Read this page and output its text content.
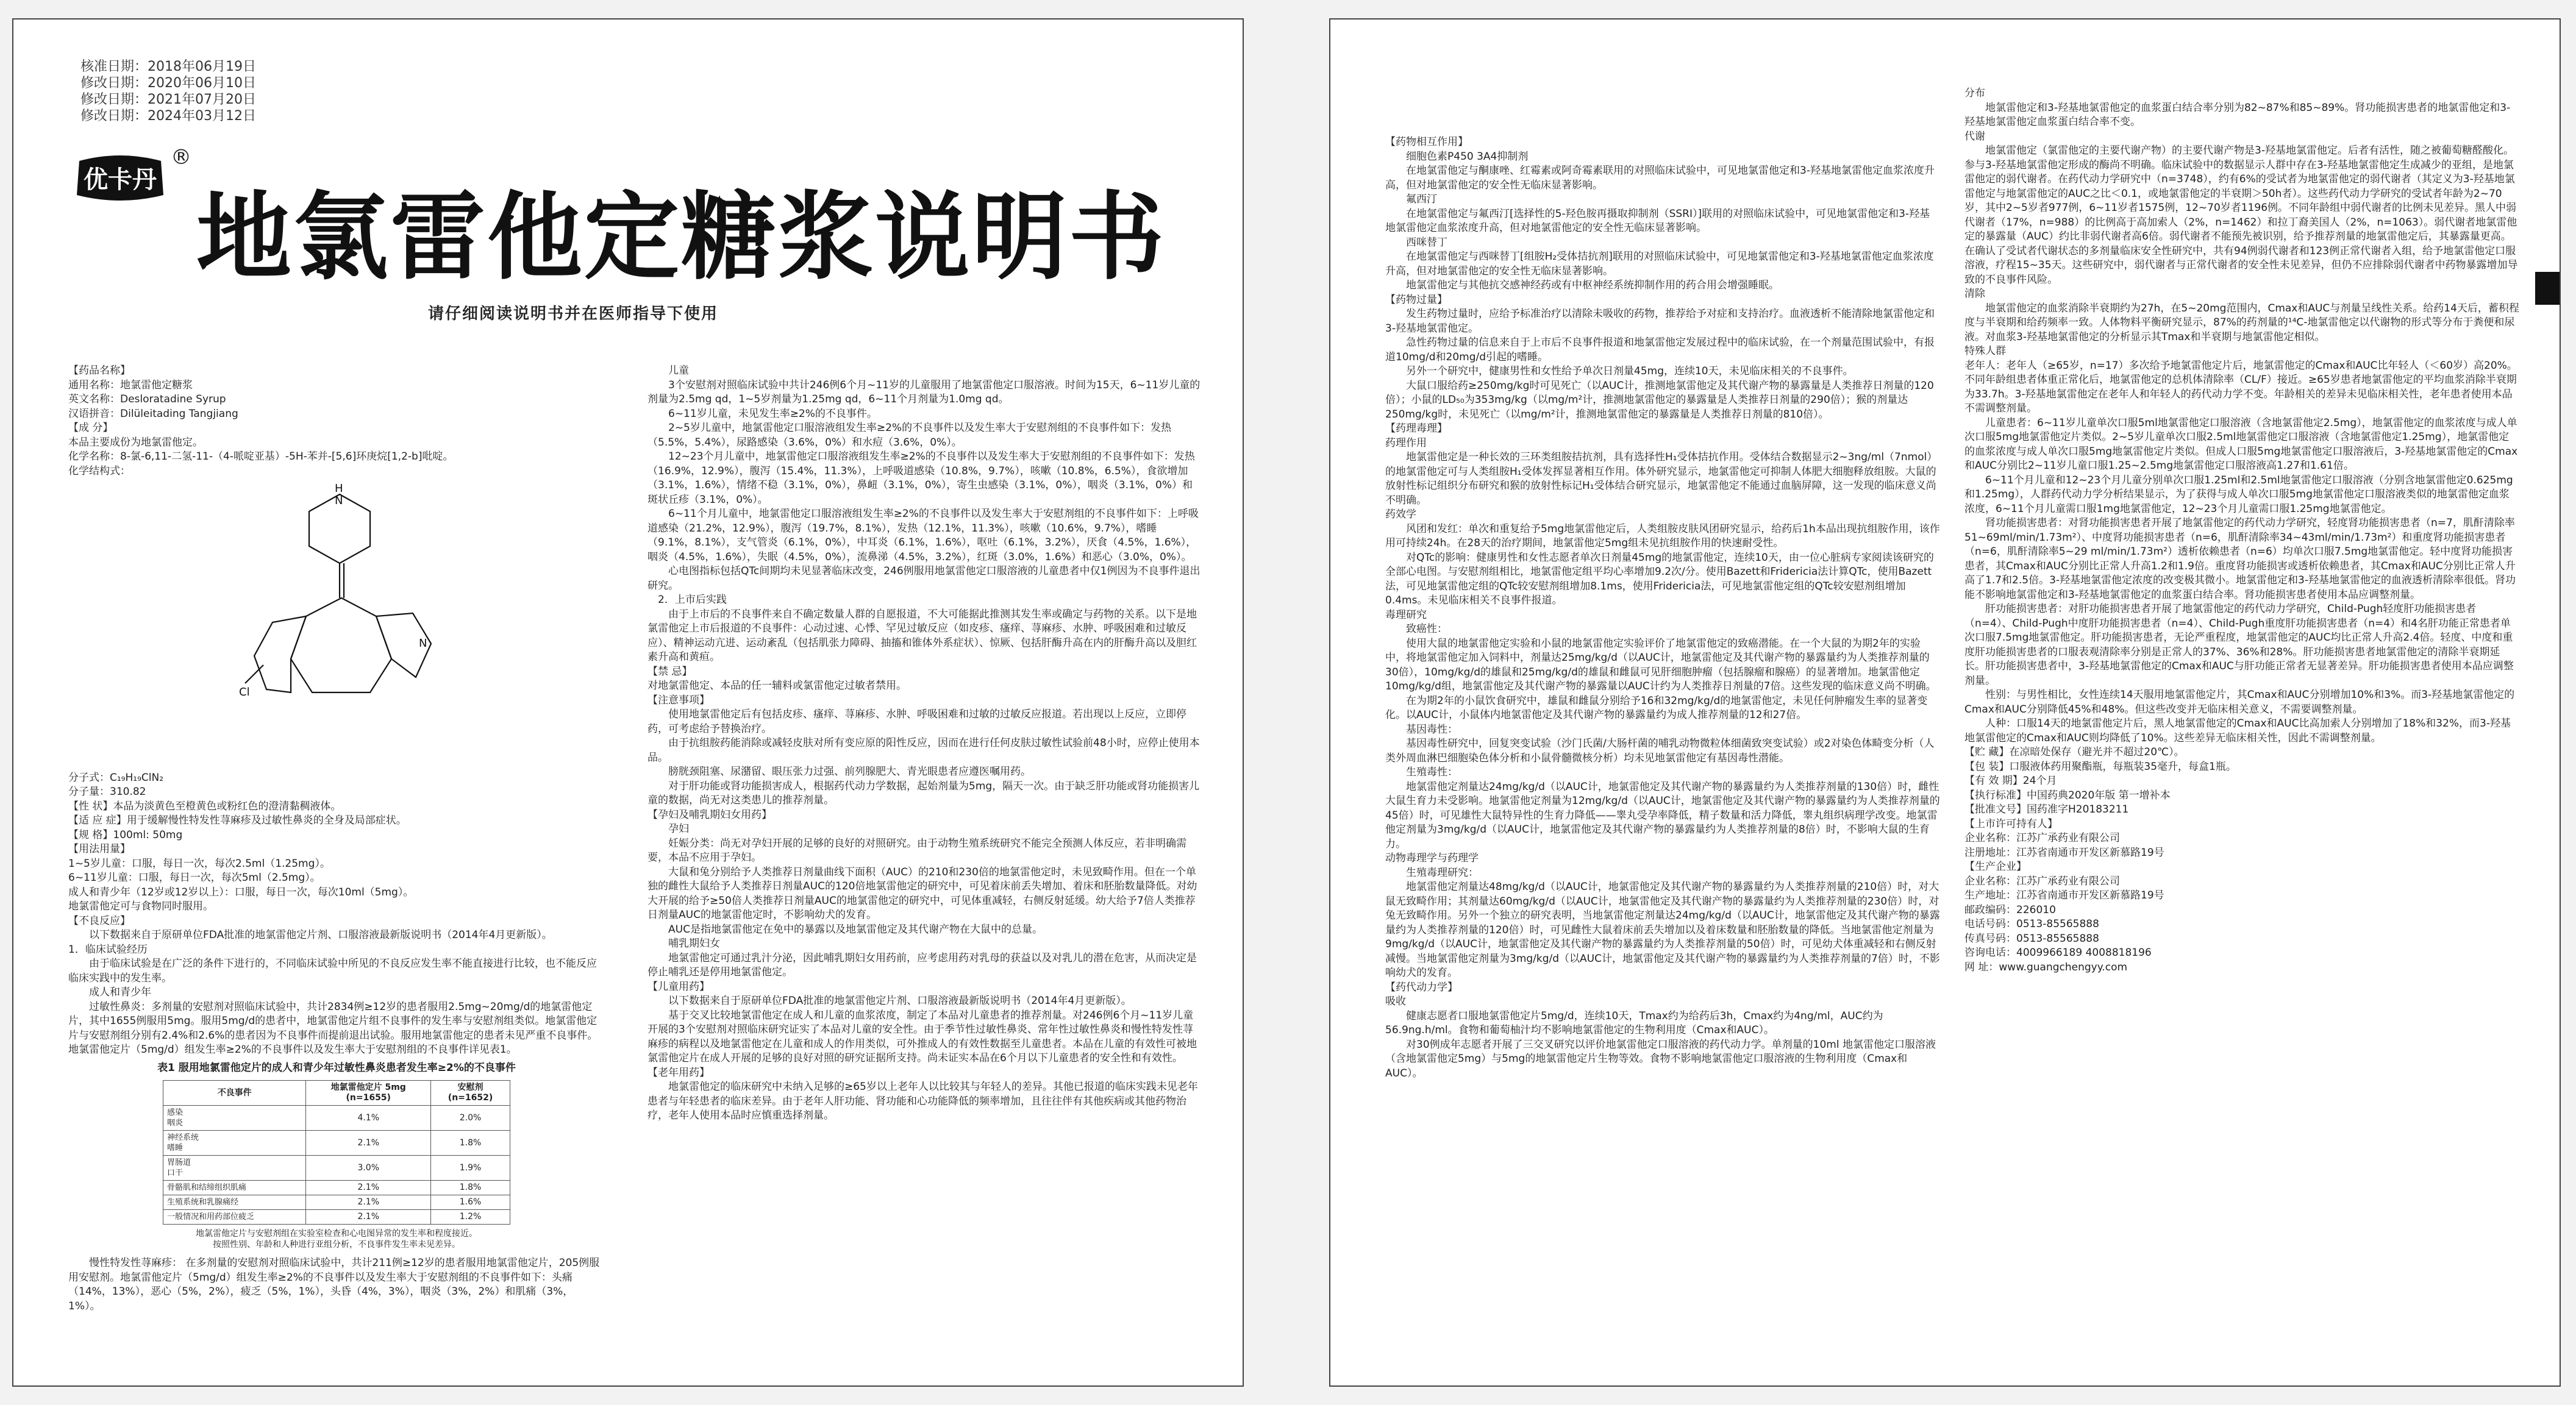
核准日期：2018年06月19日
修改日期：2020年06月10日
修改日期：2021年07月20日
修改日期：2024年03月12日
优卡丹
®
地氯雷他定糖浆说明书
请仔细阅读说明书并在医师指导下使用

【药品名称】

通用名称：地氯雷他定糖浆

英文名称：Desloratadine Syrup

汉语拼音：Dilüleitading Tangjiang

【成 分】

本品主要成份为地氯雷他定。

化学名称：8-氯-6,11-二氢-11-（4-哌啶亚基）-5H-苯并-[5,6]环庚烷[1,2-b]吡啶。

化学结构式：

H
N
N
Cl

分子式：C₁₉H₁₉ClN₂

分子量：310.82

【性 状】本品为淡黄色至橙黄色或粉红色的澄清黏稠液体。

【适 应 症】用于缓解慢性特发性荨麻疹及过敏性鼻炎的全身及局部症状。

【规 格】100ml: 50mg

【用法用量】

1~5岁儿童：口服，每日一次，每次2.5ml（1.25mg）。

6~11岁儿童：口服，每日一次，每次5ml（2.5mg）。

成人和青少年（12岁或12岁以上）：口服，每日一次，每次10ml（5mg）。

地氯雷他定可与食物同时服用。

【不良反应】

以下数据来自于原研单位FDA批准的地氯雷他定片剂、口服溶液最新版说明书（2014年4月更新版）。

1．临床试验经历

由于临床试验是在广泛的条件下进行的，不同临床试验中所见的不良反应发生率不能直接进行比较，也不能反应临床实践中的发生率。

成人和青少年

过敏性鼻炎：多剂量的安慰剂对照临床试验中，共计2834例≥12岁的患者服用2.5mg~20mg/d的地氯雷他定片，其中1655例服用5mg。服用5mg/d的患者中，地氯雷他定片组不良事件的发生率与安慰剂组类似。地氯雷他定片与安慰剂组分别有2.4%和2.6%的患者因为不良事件而提前退出试验。服用地氯雷他定的患者未见严重不良事件。地氯雷他定片（5mg/d）组发生率≥2%的不良事件以及发生率大于安慰剂组的不良事件详见表1。

表1 服用地氯雷他定片的成人和青少年过敏性鼻炎患者发生率≥2%的不良事件
不良事件	地氯雷他定片 5mg
(n=1655)	安慰剂
(n=1652)
感染
咽炎	4.1%	2.0%
神经系统
嗜睡	2.1%	1.8%
胃肠道
口干	3.0%	1.9%
骨骼肌和结缔组织肌痛	2.1%	1.8%
生殖系统和乳腺痛经	2.1%	1.6%
一般情况和用药部位疲乏	2.1%	1.2%
地氯雷他定片与安慰剂组在实验室检查和心电图异常的发生率和程度接近。
按照性别、年龄和人种进行亚组分析，不良事件发生率未见差异。

慢性特发性荨麻疹： 在多剂量的安慰剂对照临床试验中，共计211例≥12岁的患者服用地氯雷他定片，205例服用安慰剂。地氯雷他定片（5mg/d）组发生率≥2%的不良事件以及发生率大于安慰剂组的不良事件如下：头痛（14%，13%），恶心（5%，2%），疲乏（5%，1%），头昏（4%，3%），咽炎（3%，2%）和肌痛（3%，1%）。

儿童

3个安慰剂对照临床试验中共计246例6个月~11岁的儿童服用了地氯雷他定口服溶液。时间为15天，6~11岁儿童的剂量为2.5mg qd，1~5岁剂量为1.25mg qd，6~11个月剂量为1.0mg qd。

6~11岁儿童，未见发生率≥2%的不良事件。

2~5岁儿童中，地氯雷他定口服溶液组发生率≥2%的不良事件以及发生率大于安慰剂组的不良事件如下：发热（5.5%，5.4%），尿路感染（3.6%，0%）和水痘（3.6%，0%）。

12~23个月儿童中，地氯雷他定口服溶液组发生率≥2%的不良事件以及发生率大于安慰剂组的不良事件如下：发热（16.9%，12.9%），腹泻（15.4%，11.3%），上呼吸道感染（10.8%，9.7%），咳嗽（10.8%，6.5%），食欲增加（3.1%，1.6%），情绪不稳（3.1%，0%），鼻衄（3.1%，0%），寄生虫感染（3.1%，0%），咽炎（3.1%，0%）和斑状丘疹（3.1%，0%）。

6~11个月儿童中，地氯雷他定口服溶液组发生率≥2%的不良事件以及发生率大于安慰剂组的不良事件如下：上呼吸道感染（21.2%，12.9%），腹泻（19.7%，8.1%），发热（12.1%，11.3%），咳嗽（10.6%，9.7%），嗜睡（9.1%，8.1%），支气管炎（6.1%，0%），中耳炎（6.1%，1.6%），呕吐（6.1%，3.2%），厌食（4.5%，1.6%），咽炎（4.5%，1.6%），失眠（4.5%，0%），流鼻涕（4.5%，3.2%），红斑（3.0%，1.6%）和恶心（3.0%，0%）。

心电图指标包括QTc间期均未见显著临床改变，246例服用地氯雷他定口服溶液的儿童患者中仅1例因为不良事件退出研究。

2．上市后实践

由于上市后的不良事件来自不确定数量人群的自愿报道，不大可能据此推测其发生率或确定与药物的关系。以下是地氯雷他定上市后报道的不良事件：心动过速、心悸、罕见过敏反应（如皮疹、瘙痒、荨麻疹、水肿、呼吸困难和过敏反应）、精神运动亢进、运动紊乱（包括肌张力障碍、抽搐和锥体外系症状）、惊厥、包括肝酶升高在内的肝酶升高以及胆红素升高和黄疸。

【禁 忌】

对地氯雷他定、本品的任一辅料或氯雷他定过敏者禁用。

【注意事项】

使用地氯雷他定后有包括皮疹、瘙痒、荨麻疹、水肿、呼吸困难和过敏的过敏反应报道。若出现以上反应，立即停药，可考虑给予替换治疗。

由于抗组胺药能消除或减轻皮肤对所有变应原的阳性反应，因而在进行任何皮肤过敏性试验前48小时，应停止使用本品。

膀胱颈阻塞、尿潴留、眼压张力过强、前列腺肥大、青光眼患者应遵医嘱用药。

对于肝功能或肾功能损害成人，根据药代动力学数据，起始剂量为5mg，隔天一次。由于缺乏肝功能或肾功能损害儿童的数据，尚无对这类患儿的推荐剂量。

【孕妇及哺乳期妇女用药】

孕妇

妊娠分类：尚无对孕妇开展的足够的良好的对照研究。由于动物生殖系统研究不能完全预测人体反应，若非明确需要，本品不应用于孕妇。

大鼠和兔分别给予人类推荐日剂量曲线下面积（AUC）的210和230倍的地氯雷他定时，未见致畸作用。但在一个单独的雌性大鼠给予人类推荐日剂量AUC的120倍地氯雷他定的研究中，可见着床前丢失增加、着床和胚胎数量降低。对幼大开展的给予≥50倍人类推荐日剂量AUC的地氯雷他定的研究中，可见体重减轻，右侧反射延缓。幼大给予7倍人类推荐日剂量AUC的地氯雷他定时，不影响幼犬的发育。

AUC是指地氯雷他定在免中的暴露以及地氯雷他定及其代谢产物在大鼠中的总量。

哺乳期妇女

地氯雷他定可通过乳汁分泌，因此哺乳期妇女用药前，应考虑用药对乳母的获益以及对乳儿的潜在危害，从而决定是停止哺乳还是停用地氯雷他定。

【儿童用药】

以下数据来自于原研单位FDA批准的地氯雷他定片剂、口服溶液最新版说明书（2014年4月更新版）。

基于交叉比较地氯雷他定在成人和儿童的血浆浓度，制定了本品对儿童患者的推荐剂量。对246例6个月~11岁儿童开展的3个安慰剂对照临床研究证实了本品对儿童的安全性。由于季节性过敏性鼻炎、常年性过敏性鼻炎和慢性特发性荨麻疹的病程以及地氯雷他定在儿童和成人的作用类似，可外推成人的有效性数据至儿童患者。本品在儿童的有效性可被地氯雷他定片在成人开展的足够的良好对照的研究证据所支持。尚未证实本品在6个月以下儿童患者的安全性和有效性。

【老年用药】

地氯雷他定的临床研究中未纳入足够的≥65岁以上老年人以比较其与年轻人的差异。其他已报道的临床实践未见老年患者与年轻患者的临床差异。由于老年人肝功能、肾功能和心功能降低的频率增加，且往往伴有其他疾病或其他药物治疗，老年人使用本品时应慎重选择剂量。

【药物相互作用】

细胞色素P450 3A4抑制剂

在地氯雷他定与酮康唑、红霉素或阿奇霉素联用的对照临床试验中，可见地氯雷他定和3-羟基地氯雷他定血浆浓度升高，但对地氯雷他定的安全性无临床显著影响。

氟西汀

在地氯雷他定与氟西汀[选择性的5-羟色胺再摄取抑制剂（SSRI）]联用的对照临床试验中，可见地氯雷他定和3-羟基地氯雷他定血浆浓度升高，但对地氯雷他定的安全性无临床显著影响。

西咪替丁

在地氯雷他定与西咪替丁[组胺H₂受体拮抗剂]联用的对照临床试验中，可见地氯雷他定和3-羟基地氯雷他定血浆浓度升高，但对地氯雷他定的安全性无临床显著影响。

地氯雷他定与其他抗交感神经药或有中枢神经系统抑制作用的药合用会增强睡眠。

【药物过量】

发生药物过量时，应给予标准治疗以清除未吸收的药物，推荐给予对症和支持治疗。血液透析不能清除地氯雷他定和3-羟基地氯雷他定。

急性药物过量的信息来自于上市后不良事件报道和地氯雷他定发展过程中的临床试验，在一个剂量范围试验中，有报道10mg/d和20mg/d引起的嗜睡。

另外一个研究中，健康男性和女性给予单次日剂量45mg，连续10天，未见临床相关的不良事件。

大鼠口服给药≥250mg/kg时可见死亡（以AUC计，推测地氯雷他定及其代谢产物的暴露量是人类推荐日剂量的120倍）；小鼠的LD₅₀为353mg/kg（以mg/m²计，推测地氯雷他定的暴露量是人类推荐日剂量的290倍）；猴的剂量达250mg/kg时，未见死亡（以mg/m²计，推测地氯雷他定的暴露量是人类推荐日剂量的810倍）。

【药理毒理】

药理作用

地氯雷他定是一种长效的三环类组胺拮抗剂，具有选择性H₁受体拮抗作用。受体结合数据显示2~3ng/ml（7nmol）的地氯雷他定可与人类组胺H₁受体发挥显著相互作用。体外研究显示，地氯雷他定可抑制人体肥大细胞释放组胺。大鼠的放射性标记组织分布研究和猴的放射性标记H₁受体结合研究显示，地氯雷他定不能通过血脑屏障，这一发现的临床意义尚不明确。

药效学

风团和发红：单次和重复给予5mg地氯雷他定后，人类组胺皮肤风团研究显示，给药后1h本品出现抗组胺作用，该作用可持续24h。在28天的治疗期间，地氯雷他定5mg组未见抗组胺作用的快速耐受性。

对QTc的影响：健康男性和女性志愿者单次日剂量45mg的地氯雷他定，连续10天，由一位心脏病专家阅读该研究的全部心电图。与安慰剂组相比，地氯雷他定组平均心率增加9.2次/分。使用Bazett和Fridericia法计算QTc，使用Bazett法，可见地氯雷他定组的QTc较安慰剂组增加8.1ms，使用Fridericia法，可见地氯雷他定组的QTc较安慰剂组增加0.4ms。未见临床相关不良事件报道。

毒理研究

致癌性：

使用大鼠的地氯雷他定实验和小鼠的地氯雷他定实验评价了地氯雷他定的致癌潜能。在一个大鼠的为期2年的实验中，将地氯雷他定加入饲料中，剂量达25mg/kg/d（以AUC计，地氯雷他定及其代谢产物的暴露量约为人类推荐剂量的30倍），10mg/kg/d的雄鼠和25mg/kg/d的雄鼠和雌鼠可见肝细胞肿瘤（包括腺瘤和腺癌）的显著增加。地氯雷他定10mg/kg/d组，地氯雷他定及其代谢产物的暴露量以AUC计约为人类推荐日剂量的7倍。这些发现的临床意义尚不明确。

在为期2年的小鼠饮食研究中，雄鼠和雌鼠分别给予16和32mg/kg/d的地氯雷他定，未见任何肿瘤发生率的显著变化。以AUC计，小鼠体内地氯雷他定及其代谢产物的暴露量约为成人推荐剂量的12和27倍。

基因毒性：

基因毒性研究中，回复突变试验（沙门氏菌/大肠杆菌的哺乳动物微粒体细菌致突变试验）或2对染色体畸变分析（人类外周血淋巴细胞染色体分析和小鼠骨髓微核分析）均未见地氯雷他定有基因毒性潜能。

生殖毒性：

地氯雷他定剂量达24mg/kg/d（以AUC计，地氯雷他定及其代谢产物的暴露量约为人类推荐剂量的130倍）时，雌性大鼠生育力未受影响。地氯雷他定剂量为12mg/kg/d（以AUC计，地氯雷他定及其代谢产物的暴露量约为人类推荐剂量的45倍）时，可见雄性大鼠特异性的生育力降低——睾丸受孕率降低，精子数量和活力降低，睾丸组织病理学改变。地氯雷他定剂量为3mg/kg/d（以AUC计，地氯雷他定及其代谢产物的暴露量约为人类推荐剂量的8倍）时，不影响大鼠的生育力。

动物毒理学与药理学

生殖毒理研究：

地氯雷他定剂量达48mg/kg/d（以AUC计，地氯雷他定及其代谢产物的暴露量约为人类推荐剂量的210倍）时，对大鼠无致畸作用；其剂量达60mg/kg/d（以AUC计，地氯雷他定及其代谢产物的暴露量约为人类推荐剂量的230倍）时，对兔无致畸作用。另外一个独立的研究表明，当地氯雷他定剂量达24mg/kg/d（以AUC计，地氯雷他定及其代谢产物的暴露量约为人类推荐剂量的120倍）时，可见雌性大鼠着床前丢失增加以及着床数量和胚胎数量的降低。当地氯雷他定剂量为9mg/kg/d（以AUC计，地氯雷他定及其代谢产物的暴露量约为人类推荐剂量的50倍）时，可见幼犬体重减轻和右侧反射减慢。当地氯雷他定剂量为3mg/kg/d（以AUC计，地氯雷他定及其代谢产物的暴露量约为人类推荐剂量的7倍）时，不影响幼犬的发育。

【药代动力学】

吸收

健康志愿者口服地氯雷他定片5mg/d，连续10天，Tmax约为给药后3h，Cmax约为4ng/ml，AUC约为56.9ng.h/ml。食物和葡萄柚汁均不影响地氯雷他定的生物利用度（Cmax和AUC）。

对30例成年志愿者开展了三交叉研究以评价地氯雷他定口服溶液的药代动力学。单剂量的10ml 地氯雷他定口服溶液（含地氯雷他定5mg）与5mg的地氯雷他定片生物等效。食物不影响地氯雷他定口服溶液的生物利用度（Cmax和AUC）。

分布

地氯雷他定和3-羟基地氯雷他定的血浆蛋白结合率分别为82~87%和85~89%。肾功能损害患者的地氯雷他定和3-羟基地氯雷他定血浆蛋白结合率不变。

代谢

地氯雷他定（氯雷他定的主要代谢产物）的主要代谢产物是3-羟基地氯雷他定。后者有活性，随之被葡萄糖醛酸化。参与3-羟基地氯雷他定形成的酶尚不明确。临床试验中的数据显示人群中存在3-羟基地氯雷他定生成减少的亚组，是地氯雷他定的弱代谢者。在药代动力学研究中（n=3748），约有6%的受试者为地氯雷他定的弱代谢者（其定义为3-羟基地氯雷他定与地氯雷他定的AUC之比＜0.1，或地氯雷他定的半衰期＞50h者）。这些药代动力学研究的受试者年龄为2~70岁，其中2~5岁者977例，6~11岁者1575例，12~70岁者1196例。不同年龄组中弱代谢者的比例未见差异。黑人中弱代谢者（17%，n=988）的比例高于高加索人（2%，n=1462）和拉丁裔美国人（2%，n=1063）。弱代谢者地氯雷他定的暴露量（AUC）约比非弱代谢者高6倍。弱代谢者不能预先被识别，给予推荐剂量的地氯雷他定后，其暴露量更高。在确认了受试者代谢状态的多剂量临床安全性研究中，共有94例弱代谢者和123例正常代谢者入组，给予地氯雷他定口服溶液，疗程15~35天。这些研究中，弱代谢者与正常代谢者的安全性未见差异，但仍不应排除弱代谢者中药物暴露增加导致的不良事件风险。

清除

地氯雷他定的血浆消除半衰期约为27h，在5~20mg范围内，Cmax和AUC与剂量呈线性关系。给药14天后，蓄积程度与半衰期和给药频率一致。人体物料平衡研究显示，87%的药剂量的¹⁴C-地氯雷他定以代谢物的形式等分布于粪便和尿液。对血浆3-羟基地氯雷他定的分析显示其Tmax和半衰期与地氯雷他定相似。

特殊人群

老年人：老年人（≥65岁，n=17）多次给予地氯雷他定片后，地氯雷他定的Cmax和AUC比年轻人（＜60岁）高20%。不同年龄组患者体重正常化后，地氯雷他定的总机体清除率（CL/F）接近。≥65岁患者地氯雷他定的平均血浆消除半衰期为33.7h。3-羟基地氯雷他定在老年人和年轻人的药代动力学不变。年龄相关的差异未见临床相关性，老年患者使用本品不需调整剂量。

儿童患者：6~11岁儿童单次口服5ml地氯雷他定口服溶液（含地氯雷他定2.5mg），地氯雷他定的血浆浓度与成人单次口服5mg地氯雷他定片类似。2~5岁儿童单次口服2.5ml地氯雷他定口服溶液（含地氯雷他定1.25mg），地氯雷他定的血浆浓度与成人单次口服5mg地氯雷他定片类似。但成人口服5mg地氯雷他定口服溶液后，3-羟基地氯雷他定的Cmax和AUC分别比2~11岁儿童口服1.25~2.5mg地氯雷他定口服溶液高1.27和1.61倍。

6~11个月儿童和12~23个月儿童分别单次口服1.25ml和2.5ml地氯雷他定口服溶液（分别含地氯雷他定0.625mg和1.25mg），人群药代动力学分析结果显示，为了获得与成人单次口服5mg地氯雷他定口服溶液类似的地氯雷他定血浆浓度，6~11个月儿童需口服1mg地氯雷他定，12~23个月儿童需口服1.25mg地氯雷他定。

肾功能损害患者：对肾功能损害患者开展了地氯雷他定的药代动力学研究，轻度肾功能损害患者（n=7，肌酐清除率51~69ml/min/1.73m²）、中度肾功能损害患者（n=6，肌酐清除率34~43ml/min/1.73m²）和重度肾功能损害患者（n=6，肌酐清除率5~29 ml/min/1.73m²）透析依赖患者（n=6）均单次口服7.5mg地氯雷他定。轻中度肾功能损害患者，其Cmax和AUC分别比正常人升高1.2和1.9倍。重度肾功能损害或透析依赖患者，其Cmax和AUC分别比正常人升高了1.7和2.5倍。3-羟基地氯雷他定浓度的改变极其微小。地氯雷他定和3-羟基地氯雷他定的血液透析清除率很低。肾功能不影响地氯雷他定和3-羟基地氯雷他定的血浆蛋白结合率。肾功能损害患者使用本品应调整剂量。

肝功能损害患者：对肝功能损害患者开展了地氯雷他定的药代动力学研究，Child-Pugh轻度肝功能损害患者（n=4）、Child-Pugh中度肝功能损害患者（n=4）、Child-Pugh重度肝功能损害患者（n=4）和4名肝功能正常患者单次口服7.5mg地氯雷他定。肝功能损害患者，无论严重程度，地氯雷他定的AUC均比正常人升高2.4倍。轻度、中度和重度肝功能损害患者的口服表观清除率分别是正常人的37%、36%和28%。肝功能损害患者地氯雷他定的清除半衰期延长。肝功能损害患者中，3-羟基地氯雷他定的Cmax和AUC与肝功能正常者无显著差异。肝功能损害患者使用本品应调整剂量。

性别：与男性相比，女性连续14天服用地氯雷他定片，其Cmax和AUC分别增加10%和3%。而3-羟基地氯雷他定的Cmax和AUC分别降低45%和48%。但这些改变并无临床相关意义，不需要调整剂量。

人种：口服14天的地氯雷他定片后，黑人地氯雷他定的Cmax和AUC比高加索人分别增加了18%和32%，而3-羟基地氯雷他定的Cmax和AUC则均降低了10%。这些差异无临床相关性，因此不需调整剂量。

【贮 藏】在凉暗处保存（避光并不超过20℃）。

【包 装】口服液体药用聚酯瓶，每瓶装35毫升，每盒1瓶。

【有 效 期】24个月

【执行标准】中国药典2020年版 第一增补本

【批准文号】国药准字H20183211

【上市许可持有人】

企业名称：江苏广承药业有限公司

注册地址：江苏省南通市开发区新慕路19号

【生产企业】

企业名称：江苏广承药业有限公司

生产地址：江苏省南通市开发区新慕路19号

邮政编码：226010

电话号码：0513-85565888

传真号码：0513-85565888

咨询电话：4009966189 4008818196

网 址：www.guangchengyy.com
